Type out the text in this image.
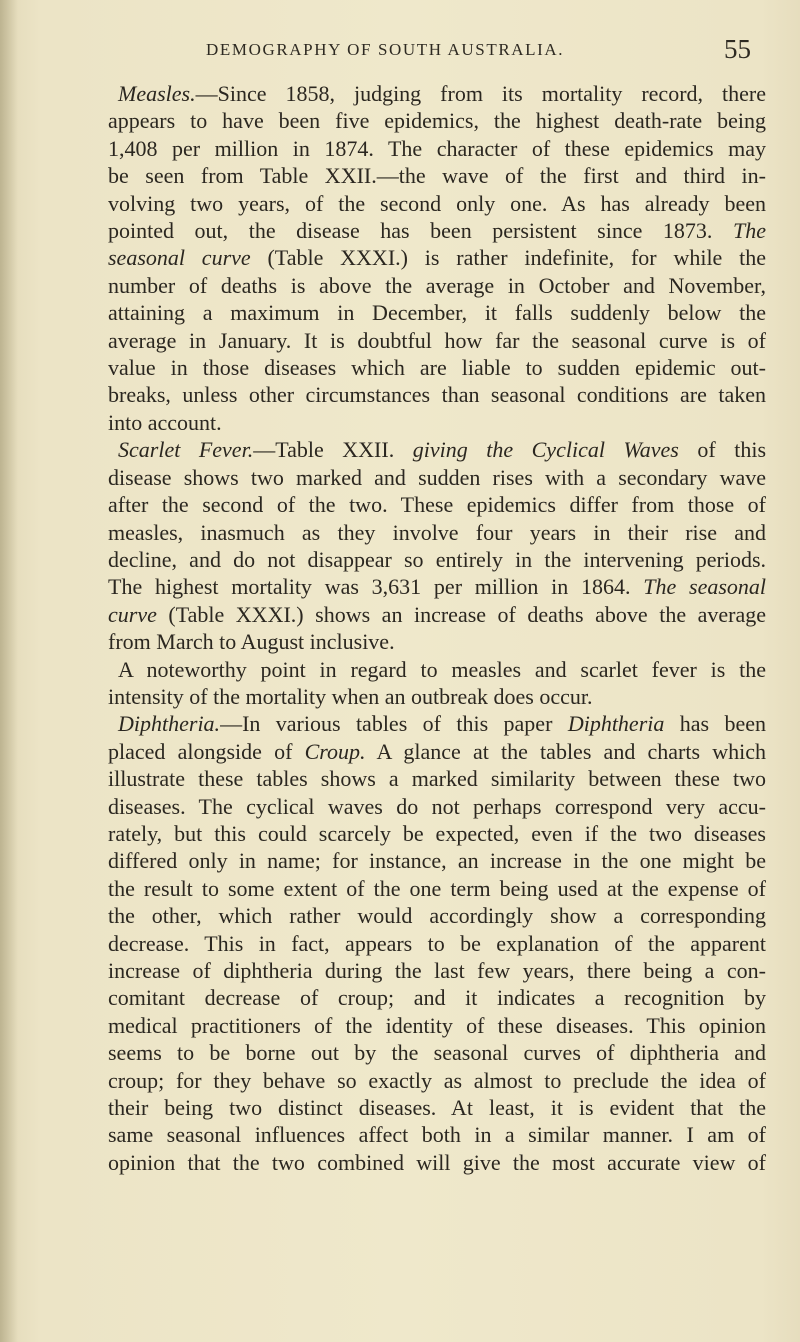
DEMOGRAPHY OF SOUTH AUSTRALIA.	55
Measles.—Since 1858, judging from its mortality record, there
appears to have been five epidemics, the highest death-rate being
1,408 per million in 1874. The character of these epidemics may
be seen from Table XXII.—the wave of the first and third in-
volving two years, of the second only one. As has already been
pointed out, the disease has been persistent since 1873. The
seasonal curve (Table XXXI.) is rather indefinite, for while the
number of deaths is above the average in October and November,
attaining a maximum in December, it falls suddenly below the
average in January. It is doubtful how far the seasonal curve is of
value in those diseases which are liable to sudden epidemic out-
breaks, unless other circumstances than seasonal conditions are taken
into account.
Scarlet Fever.—Table XXII. giving the Cyclical Waves of this
disease shows two marked and sudden rises with a secondary wave
after the second of the two. These epidemics differ from those of
measles, inasmuch as they involve four years in their rise and
decline, and do not disappear so entirely in the intervening periods.
The highest mortality was 3,631 per million in 1864. The seasonal
curve (Table XXXI.) shows an increase of deaths above the average
from March to August inclusive.
A noteworthy point in regard to measles and scarlet fever is the
intensity of the mortality when an outbreak does occur.
Diphtheria.—In various tables of this paper Diphtheria has been
placed alongside of Croup. A glance at the tables and charts which
illustrate these tables shows a marked similarity between these two
diseases. The cyclical waves do not perhaps correspond very accu-
rately, but this could scarcely be expected, even if the two diseases
differed only in name; for instance, an increase in the one might be
the result to some extent of the one term being used at the expense of
the other, which rather would accordingly show a corresponding
decrease. This in fact, appears to be explanation of the apparent
increase of diphtheria during the last few years, there being a con-
comitant decrease of croup; and it indicates a recognition by
medical practitioners of the identity of these diseases. This opinion
seems to be borne out by the seasonal curves of diphtheria and
croup; for they behave so exactly as almost to preclude the idea of
their being two distinct diseases. At least, it is evident that the
same seasonal influences affect both in a similar manner. I am of
opinion that the two combined will give the most accurate view of
